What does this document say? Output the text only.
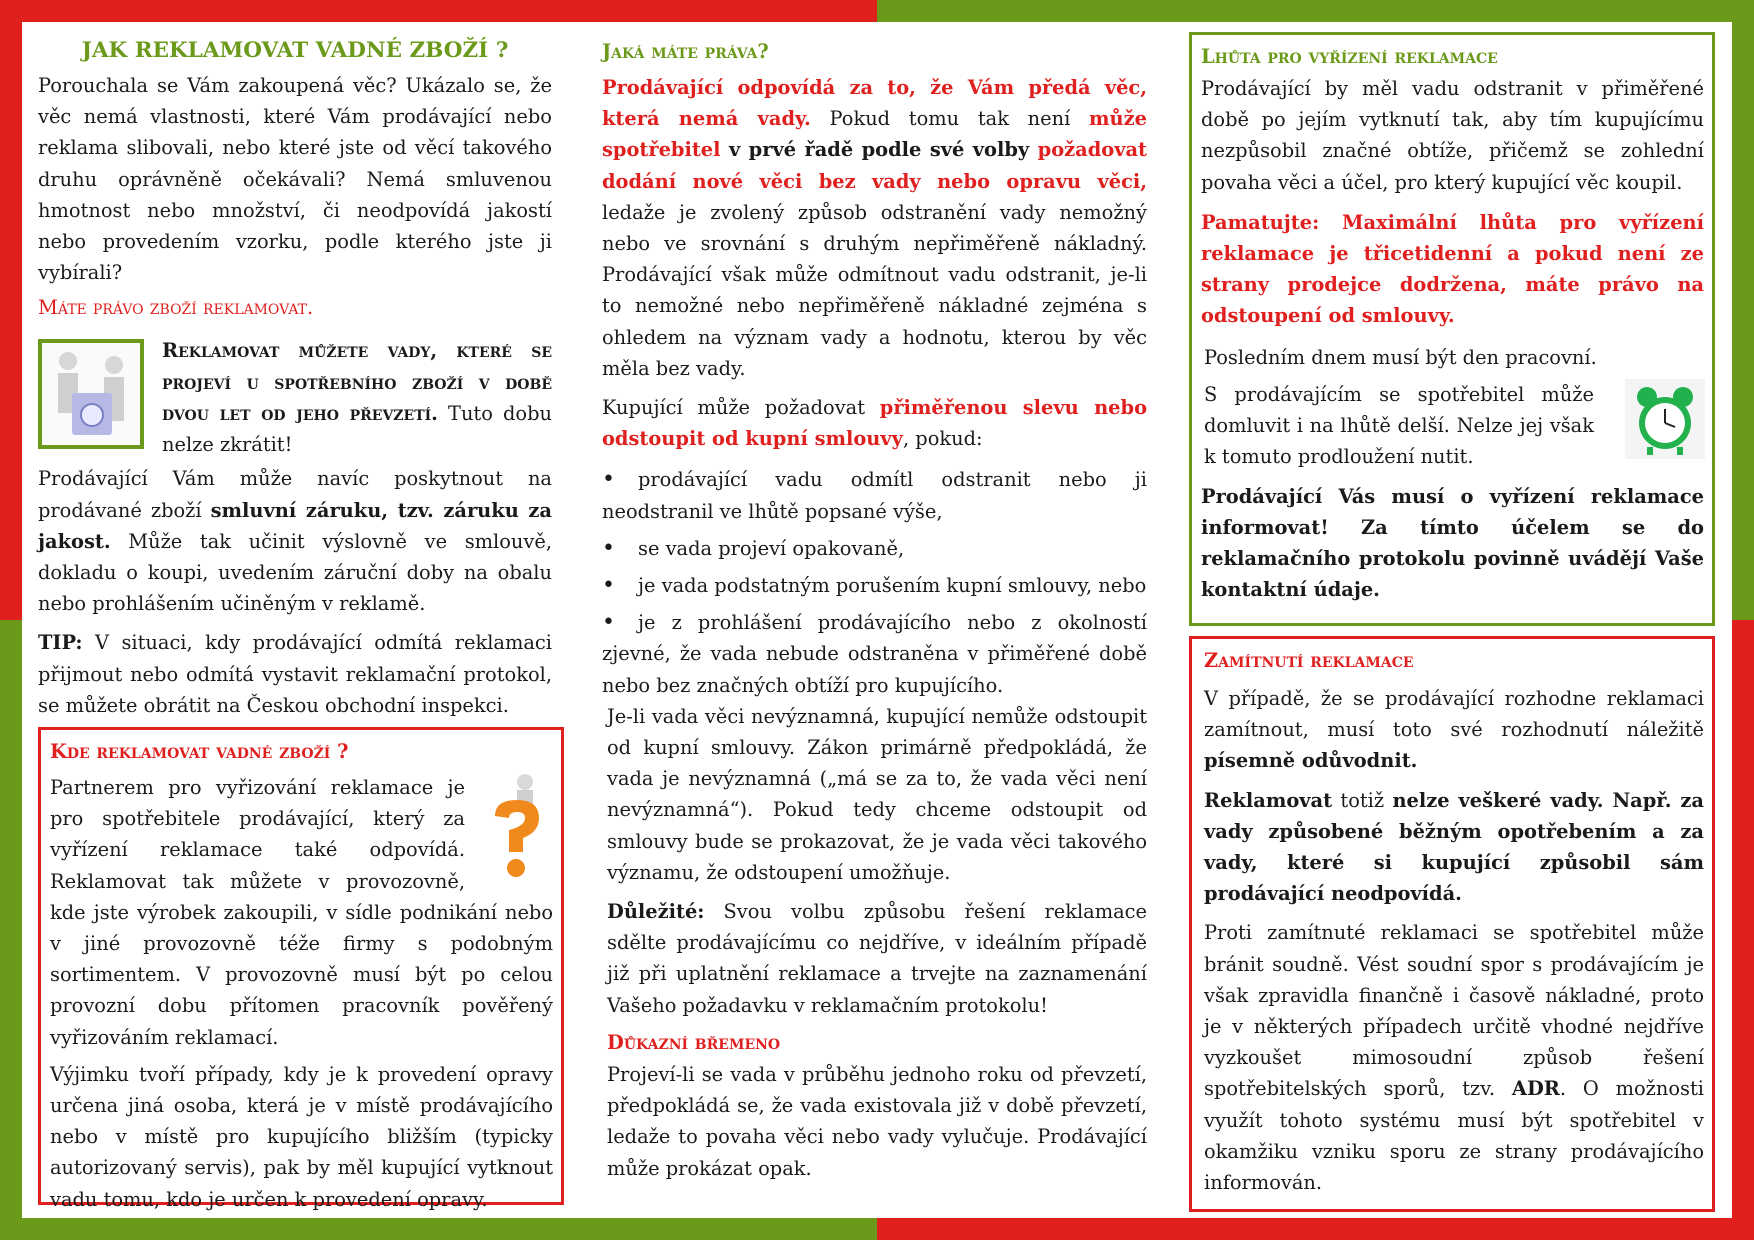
JAK REKLAMOVAT VADNÉ ZBOŽÍ ?

Porouchala se Vám zakoupená věc? Ukázalo se, že věc nemá vlastnosti, které Vám prodávající nebo reklama slibovali, nebo které jste od věcí takového druhu oprávněně očekávali? Nemá smluvenou hmotnost nebo množství, či neodpovídá jakostí nebo provedením vzorku, podle kterého jste ji vybírali?

Máte právo zboží reklamovat.

Reklamovat můžete vady, které se projeví u spotřebního zboží v době dvou let od jeho převzetí. Tuto dobu nelze zkrátit!

Prodávající Vám může navíc poskytnout na prodávané zboží smluvní záruku, tzv. záruku za jakost. Může tak učinit výslovně ve smlouvě, dokladu o koupi, uvedením záruční doby na obalu nebo prohlášením učiněným v reklamě.

TIP: V situaci, kdy prodávající odmítá reklamaci přijmout nebo odmítá vystavit reklamační protokol, se můžete obrátit na Českou obchodní inspekci.

Kde reklamovat vadné zboží ?

Partnerem pro vyřizování reklamace je pro spotřebitele prodávající, který za vyřízení reklamace také odpovídá. Reklamovat tak můžete v provozovně, kde jste výrobek zakoupili, v sídle podnikání nebo v jiné provozovně téže firmy s podobným sortimentem. V provozovně musí být po celou provozní dobu přítomen pracovník pověřený vyřizováním reklamací.

Výjimku tvoří případy, kdy je k provedení opravy určena jiná osoba, která je v místě prodávajícího nebo v místě pro kupujícího bližším (typicky autorizovaný servis), pak by měl kupující vytknout vadu tomu, kdo je určen k provedení opravy.

Jaká máte práva?

Prodávající odpovídá za to, že Vám předá věc, která nemá vady. Pokud tomu tak není může spotřebitel v prvé řadě podle své volby požadovat dodání nové věci bez vady nebo opravu věci, ledaže je zvolený způsob odstranění vady nemožný nebo ve srovnání s druhým nepřiměřeně nákladný. Prodávající však může odmítnout vadu odstranit, je-li to nemožné nebo nepřiměřeně nákladné zejména s ohledem na význam vady a hodnotu, kterou by věc měla bez vady.

Kupující může požadovat přiměřenou slevu nebo odstoupit od kupní smlouvy, pokud:

• prodávající vadu odmítl odstranit nebo ji neodstranil ve lhůtě popsané výše,
• se vada projeví opakovaně,
• je vada podstatným porušením kupní smlouvy, nebo
• je z prohlášení prodávajícího nebo z okolností zjevné, že vada nebude odstraněna v přiměřené době nebo bez značných obtíží pro kupujícího.

Je-li vada věci nevýznamná, kupující nemůže odstoupit od kupní smlouvy. Zákon primárně předpokládá, že vada je nevýznamná („má se za to, že vada věci není nevýznamná“). Pokud tedy chceme odstoupit od smlouvy bude se prokazovat, že je vada věci takového významu, že odstoupení umožňuje.

Důležité: Svou volbu způsobu řešení reklamace sdělte prodávajícímu co nejdříve, v ideálním případě již při uplatnění reklamace a trvejte na zaznamenání Vašeho požadavku v reklamačním protokolu!

Důkazní břemeno

Projeví-li se vada v průběhu jednoho roku od převzetí, předpokládá se, že vada existovala již v době převzetí, ledaže to povaha věci nebo vady vylučuje. Prodávající může prokázat opak.

Lhůta pro vyřízení reklamace

Prodávající by měl vadu odstranit v přiměřené době po jejím vytknutí tak, aby tím kupujícímu nezpůsobil značné obtíže, přičemž se zohlední povaha věci a účel, pro který kupující věc koupil.

Pamatujte: Maximální lhůta pro vyřízení reklamace je třicetidenní a pokud není ze strany prodejce dodržena, máte právo na odstoupení od smlouvy.

Posledním dnem musí být den pracovní.

S prodávajícím se spotřebitel může domluvit i na lhůtě delší. Nelze jej však k tomuto prodloužení nutit.

Prodávající Vás musí o vyřízení reklamace informovat! Za tímto účelem se do reklamačního protokolu povinně uvádějí Vaše kontaktní údaje.

Zamítnutí reklamace

V případě, že se prodávající rozhodne reklamaci zamítnout, musí toto své rozhodnutí náležitě písemně odůvodnit.

Reklamovat totiž nelze veškeré vady. Např. za vady způsobené běžným opotřebením a za vady, které si kupující způsobil sám prodávající neodpovídá.

Proti zamítnuté reklamaci se spotřebitel může bránit soudně. Vést soudní spor s prodávajícím je však zpravidla finančně i časově nákladné, proto je v některých případech určitě vhodné nejdříve vyzkoušet mimosoudní způsob řešení spotřebitelských sporů, tzv. ADR. O možnosti využít tohoto systému musí být spotřebitel v okamžiku vzniku sporu ze strany prodávajícího informován.
